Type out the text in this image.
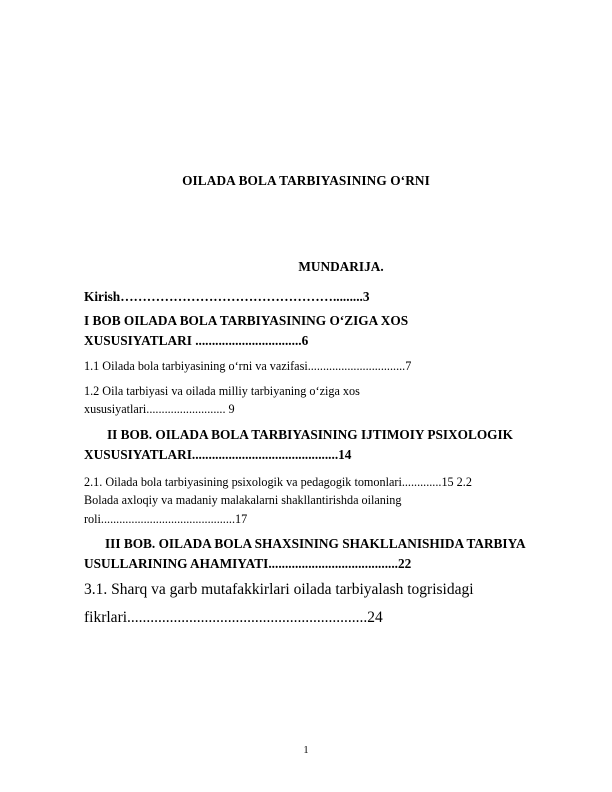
OILADA BOLA TARBIYASINING O‘RNI
MUNDARIJA.
Kirish………………………………………….........3
I BOB OILADA BOLA TARBIYASINING O‘ZIGA XOS
XUSUSIYATLARI ................................6
1.1 Oilada bola tarbiyasining o‘rni va vazifasi................................7
1.2 Oila tarbiyasi va oilada milliy tarbiyaning o‘ziga xos
xususiyatlari.......................... 9
II BOB. OILADA BOLA TARBIYASINING IJTIMOIY PSIXOLOGIK
XUSUSIYATLARI............................................14
2.1. Oilada bola tarbiyasining psixologik va pedagogik tomonlari.............15 2.2
Bolada axloqiy va madaniy malakalarni shakllantirishda oilaning
roli............................................17
III BOB. OILADA BOLA SHAXSINING SHAKLLANISHIDA TARBIYA
USULLARINING AHAMIYATI.......................................22
3.1. Sharq va garb mutafakkirlari oilada tarbiyalash togrisidagi
fikrlari..............................................................24
1
